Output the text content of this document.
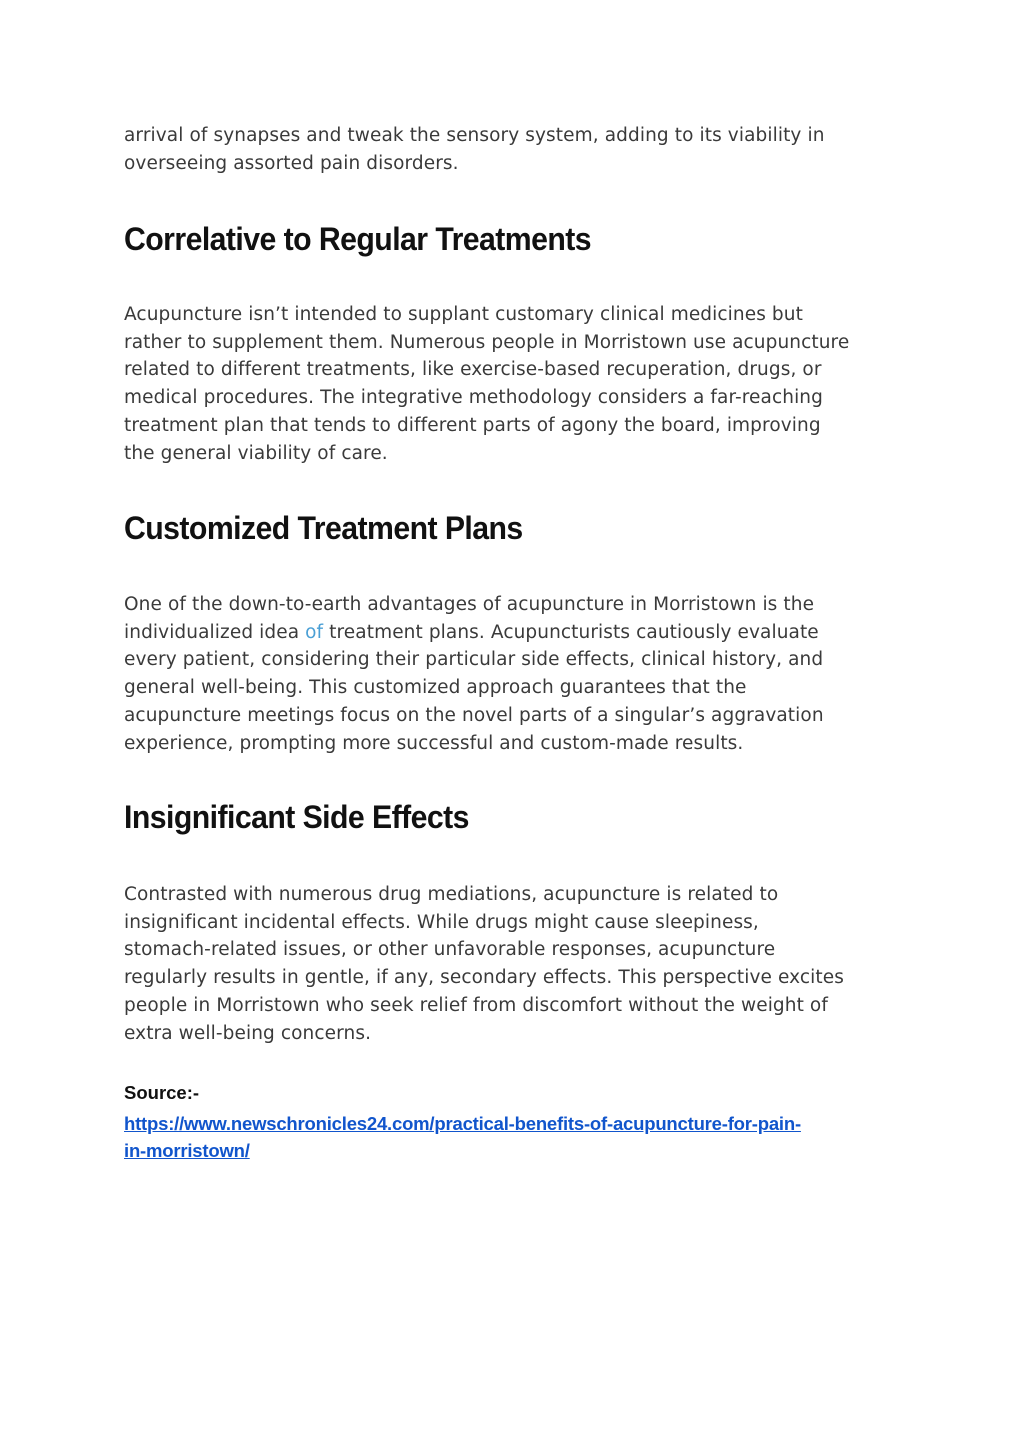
arrival of synapses and tweak the sensory system, adding to its viability in
overseeing assorted pain disorders.

Correlative to Regular Treatments

Acupuncture isn’t intended to supplant customary clinical medicines but
rather to supplement them. Numerous people in Morristown use acupuncture
related to different treatments, like exercise-based recuperation, drugs, or
medical procedures. The integrative methodology considers a far-reaching
treatment plan that tends to different parts of agony the board, improving
the general viability of care.

Customized Treatment Plans

One of the down-to-earth advantages of acupuncture in Morristown is the
individualized idea of treatment plans. Acupuncturists cautiously evaluate
every patient, considering their particular side effects, clinical history, and
general well-being. This customized approach guarantees that the
acupuncture meetings focus on the novel parts of a singular’s aggravation
experience, prompting more successful and custom-made results.

Insignificant Side Effects

Contrasted with numerous drug mediations, acupuncture is related to
insignificant incidental effects. While drugs might cause sleepiness,
stomach-related issues, or other unfavorable responses, acupuncture
regularly results in gentle, if any, secondary effects. This perspective excites
people in Morristown who seek relief from discomfort without the weight of
extra well-being concerns.

Source:-

https://www.newschronicles24.com/practical-benefits-of-acupuncture-for-pain-
in-morristown/
